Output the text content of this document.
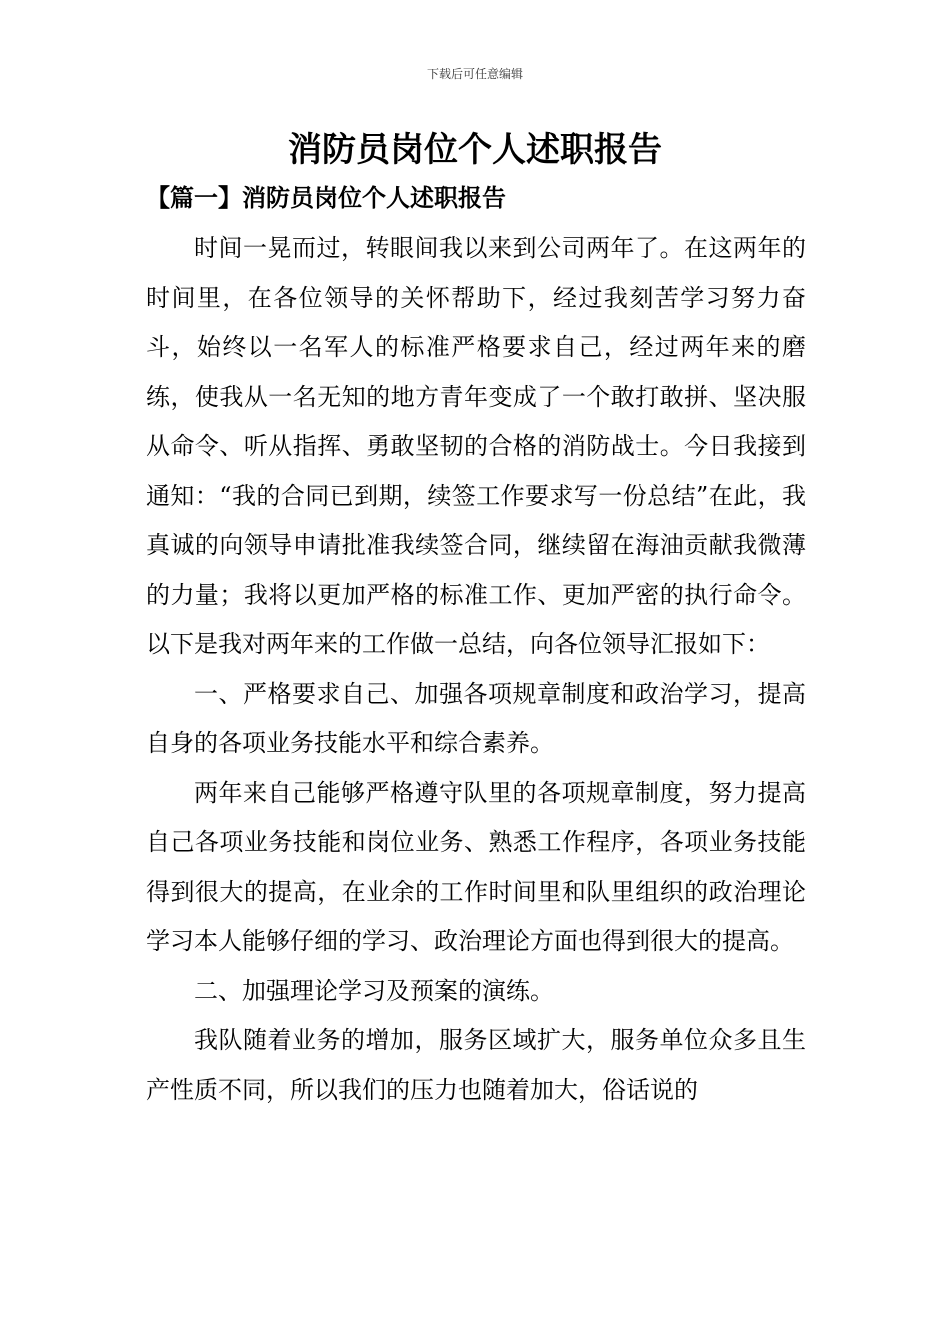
下载后可任意编辑
消防员岗位个人述职报告
【篇一】消防员岗位个人述职报告

时间一晃而过，转眼间我以来到公司两年了。在这两年的时间里，在各位领导的关怀帮助下，经过我刻苦学习努力奋斗，始终以一名军人的标准严格要求自己，经过两年来的磨练，使我从一名无知的地方青年变成了一个敢打敢拼、坚决服从命令、听从指挥、勇敢坚韧的合格的消防战士。今日我接到通知：“我的合同已到期，续签工作要求写一份总结”在此，我真诚的向领导申请批准我续签合同，继续留在海油贡献我微薄的力量；我将以更加严格的标准工作、更加严密的执行命令。以下是我对两年来的工作做一总结，向各位领导汇报如下：

一、严格要求自己、加强各项规章制度和政治学习，提高自身的各项业务技能水平和综合素养。

两年来自己能够严格遵守队里的各项规章制度，努力提高自己各项业务技能和岗位业务、熟悉工作程序，各项业务技能得到很大的提高，在业余的工作时间里和队里组织的政治理论学习本人能够仔细的学习、政治理论方面也得到很大的提高。

二、加强理论学习及预案的演练。

我队随着业务的增加，服务区域扩大，服务单位众多且生产性质不同，所以我们的压力也随着加大，俗话说的
